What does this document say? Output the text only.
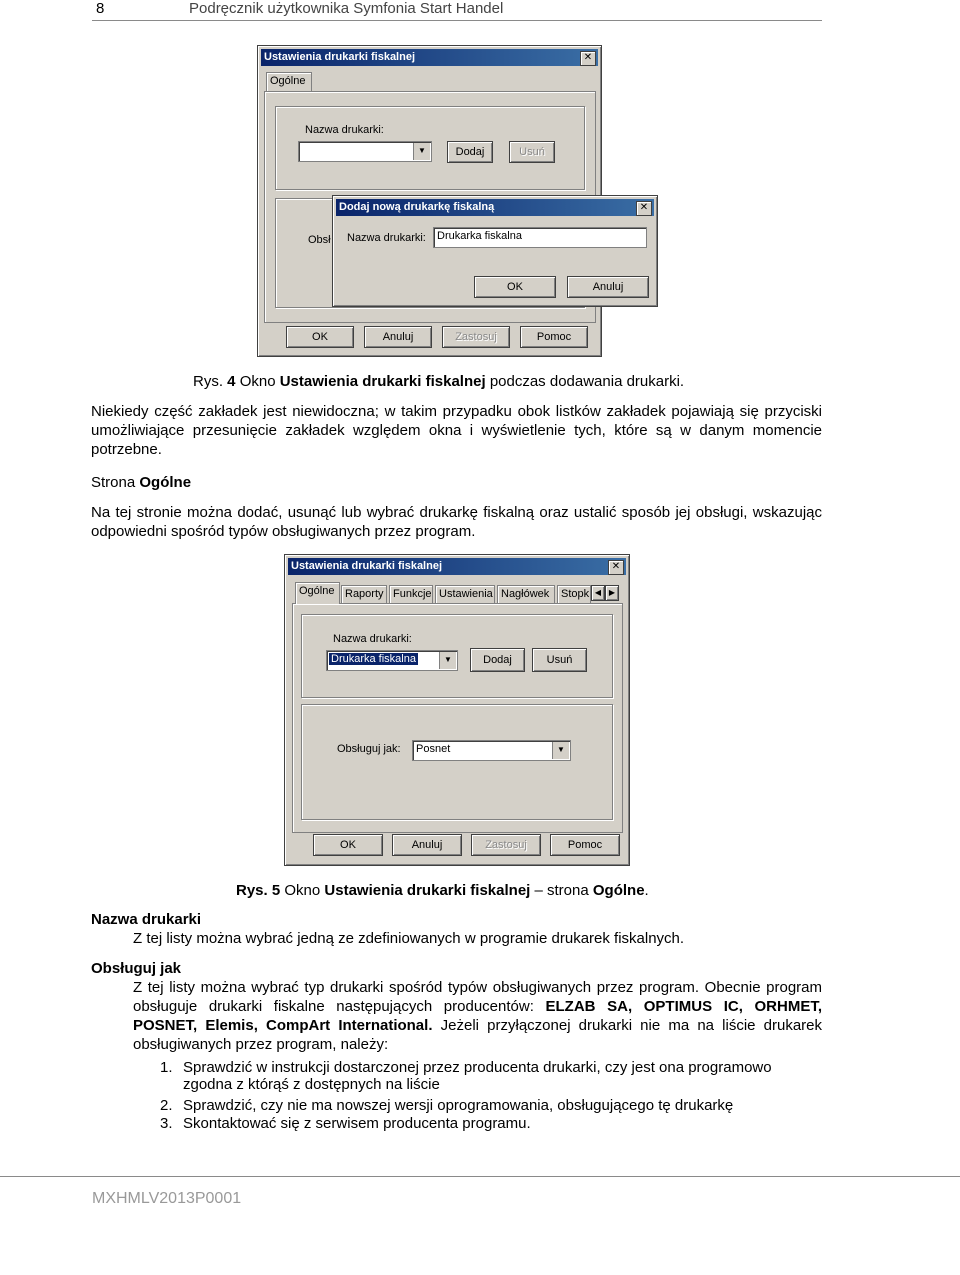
8	Podręcznik użytkownika Symfonia Start Handel
Ustawienia drukarki fiskalnej	✕
Ogólne
Nazwa drukarki:
▼	Dodaj	Usuń
Obsł
OK	Anuluj	Zastosuj	Pomoc
Dodaj nową drukarkę fiskalną	✕
Nazwa drukarki:	Drukarka fiskalna
OK	Anuluj
Rys. 4 Okno Ustawienia drukarki fiskalnej podczas dodawania drukarki.
Niekiedy część zakładek jest niewidoczna; w takim przypadku obok listków zakładek pojawiają się przyciski umożliwiające przesunięcie zakładek względem okna i wyświetlenie tych, które są w danym momencie potrzebne.
Strona Ogólne
Na tej stronie można dodać, usunąć lub wybrać drukarkę fiskalną oraz ustalić sposób jej obsługi, wskazując odpowiedni spośród typów obsługiwanych przez program.
Ustawienia drukarki fiskalnej	✕
Ogólne Raporty Funkcje Ustawienia Nagłówek	Stopk ◀ ▶
Nazwa drukarki:
Drukarka fiskalna	▼	Dodaj	Usuń
Obsługuj jak: Posnet	▼
OK	Anuluj	Zastosuj	Pomoc
Rys. 5 Okno Ustawienia drukarki fiskalnej – strona Ogólne.
Nazwa drukarki
Z tej listy można wybrać jedną ze zdefiniowanych w programie drukarek fiskalnych.
Obsługuj jak
Z tej listy można wybrać typ drukarki spośród typów obsługiwanych przez program. Obecnie program obsługuje drukarki fiskalne następujących producentów: ELZAB SA, OPTIMUS IC, ORHMET, POSNET, Elemis, CompArt International. Jeżeli przyłączonej drukarki nie ma na liście drukarek obsługiwanych przez program, należy:
1. Sprawdzić w instrukcji dostarczonej przez producenta drukarki, czy jest ona programowo
zgodna z którąś z dostępnych na liście
2. Sprawdzić, czy nie ma nowszej wersji oprogramowania, obsługującego tę drukarkę
3. Skontaktować się z serwisem producenta programu.
MXHMLV2013P0001
